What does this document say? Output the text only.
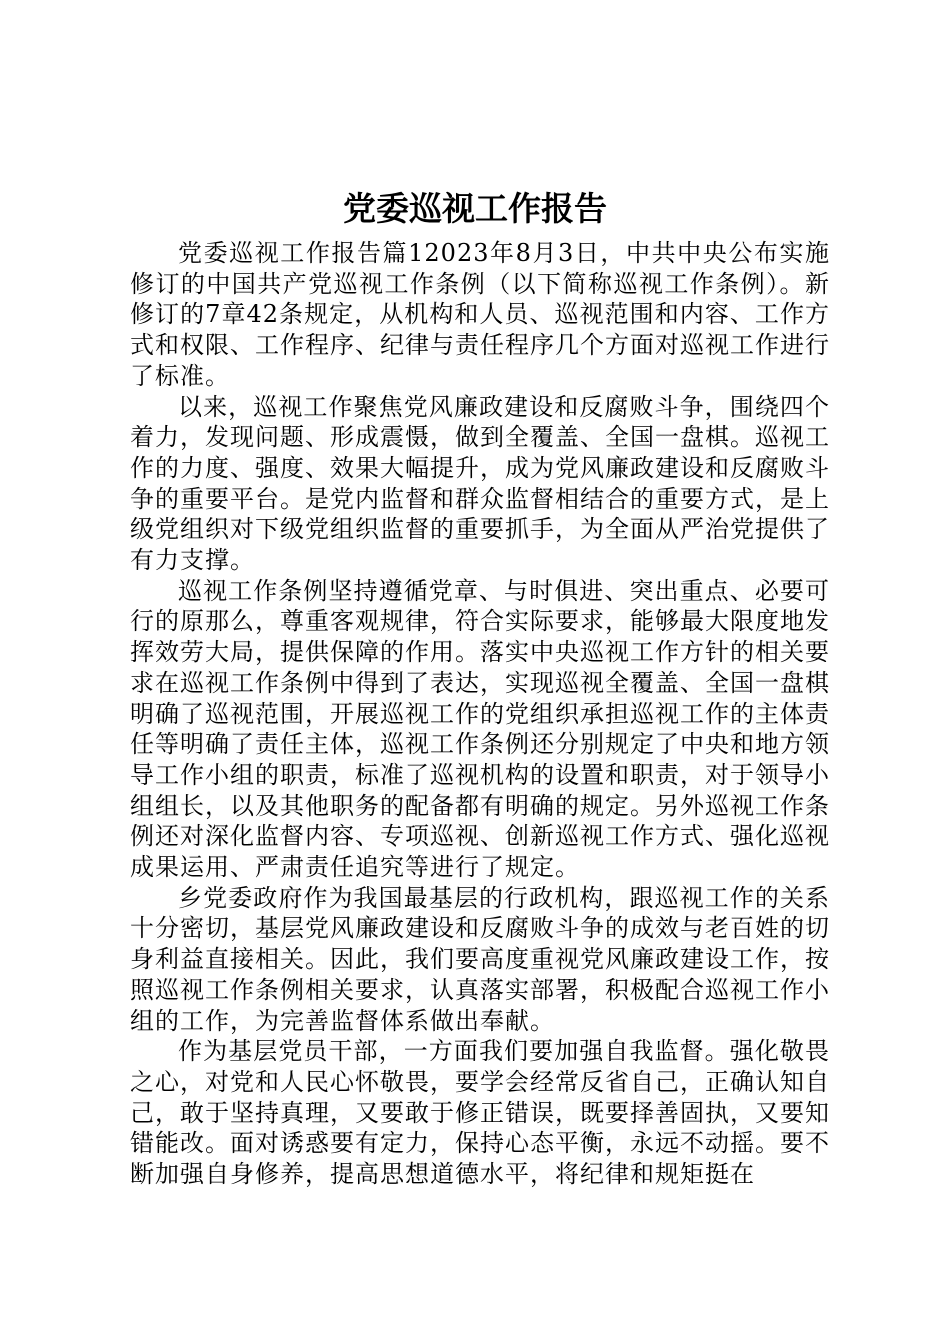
党委巡视工作报告

党委巡视工作报告篇12023年8月3日，中共中央公布实施修订的中国共产党巡视工作条例（以下简称巡视工作条例）。新修订的7章42条规定，从机构和人员、巡视范围和内容、工作方式和权限、工作程序、纪律与责任程序几个方面对巡视工作进行了标准。

以来，巡视工作聚焦党风廉政建设和反腐败斗争，围绕四个着力，发现问题、形成震慑，做到全覆盖、全国一盘棋。巡视工作的力度、强度、效果大幅提升，成为党风廉政建设和反腐败斗争的重要平台。是党内监督和群众监督相结合的重要方式，是上级党组织对下级党组织监督的重要抓手，为全面从严治党提供了有力支撑。

巡视工作条例坚持遵循党章、与时俱进、突出重点、必要可行的原那么，尊重客观规律，符合实际要求，能够最大限度地发挥效劳大局，提供保障的作用。落实中央巡视工作方针的相关要求在巡视工作条例中得到了表达，实现巡视全覆盖、全国一盘棋明确了巡视范围，开展巡视工作的党组织承担巡视工作的主体责任等明确了责任主体，巡视工作条例还分别规定了中央和地方领导工作小组的职责，标准了巡视机构的设置和职责，对于领导小组组长，以及其他职务的配备都有明确的规定。另外巡视工作条例还对深化监督内容、专项巡视、创新巡视工作方式、强化巡视成果运用、严肃责任追究等进行了规定。

乡党委政府作为我国最基层的行政机构，跟巡视工作的关系十分密切，基层党风廉政建设和反腐败斗争的成效与老百姓的切身利益直接相关。因此，我们要高度重视党风廉政建设工作，按照巡视工作条例相关要求，认真落实部署，积极配合巡视工作小组的工作，为完善监督体系做出奉献。

作为基层党员干部，一方面我们要加强自我监督。强化敬畏之心，对党和人民心怀敬畏，要学会经常反省自己，正确认知自己，敢于坚持真理，又要敢于修正错误，既要择善固执，又要知错能改。面对诱惑要有定力，保持心态平衡，永远不动摇。要不断加强自身修养，提高思想道德水平，将纪律和规矩挺在
